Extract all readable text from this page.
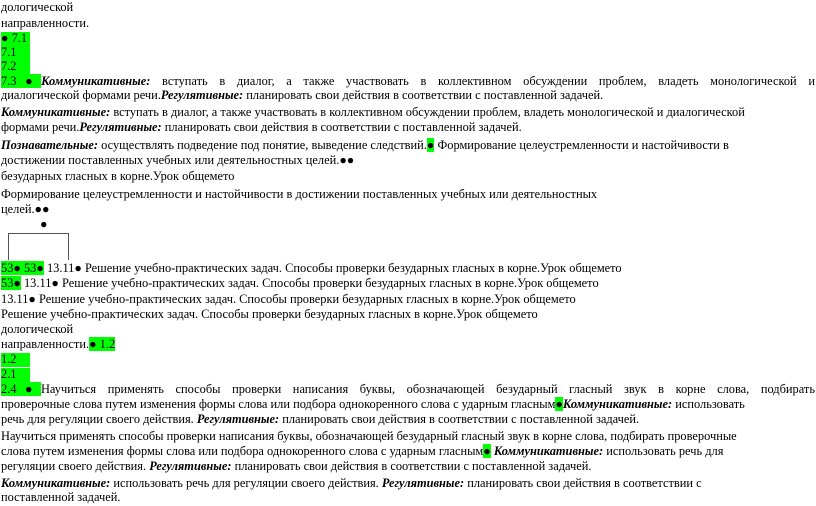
дологической
направленности.
● 7.1
7.1
7.2
7.3●Коммуникативные: вступать в диалог, а также участвовать в коллективном обсуждении проблем, владеть монологической и
диалогической формами речи.Регулятивные: планировать свои действия в соответствии с поставленной задачей.
Коммуникативные: вступать в диалог, а также участвовать в коллективном обсуждении проблем, владеть монологической и диалогической
формами речи.Регулятивные: планировать свои действия в соответствии с поставленной задачей.
Познавательные: осуществлять подведение под понятие, выведение следствий.● Формирование целеустремленности и настойчивости в
достижении поставленных учебных или деятельностных целей.●●
безударных гласных в корне.Урок общемето
Формирование целеустремленности и настойчивости в достижении поставленных учебных или деятельностных
целей.●●
●
53● 53● 13.11● Решение учебно-практических задач. Способы проверки безударных гласных в корне.Урок общемето
53● 13.11● Решение учебно-практических задач. Способы проверки безударных гласных в корне.Урок общемето
13.11● Решение учебно-практических задач. Способы проверки безударных гласных в корне.Урок общемето
Решение учебно-практических задач. Способы проверки безударных гласных в корне.Урок общемето
дологической
направленности.● 1.2
1.2
2.1
2.4●Научиться применять способы проверки написания буквы, обозначающей безударный гласный звук в корне слова, подбирать
проверочные слова путем изменения формы слова или подбора однокоренного слова с ударным гласным●Коммуникативные: использовать
речь для регуляции своего действия. Регулятивные: планировать свои действия в соответствии с поставленной задачей.
Научиться применять способы проверки написания буквы, обозначающей безударный гласный звук в корне слова, подбирать проверочные
слова путем изменения формы слова или подбора однокоренного слова с ударным гласным● Коммуникативные: использовать речь для
регуляции своего действия. Регулятивные: планировать свои действия в соответствии с поставленной задачей.
Коммуникативные: использовать речь для регуляции своего действия. Регулятивные: планировать свои действия в соответствии с
поставленной задачей.
